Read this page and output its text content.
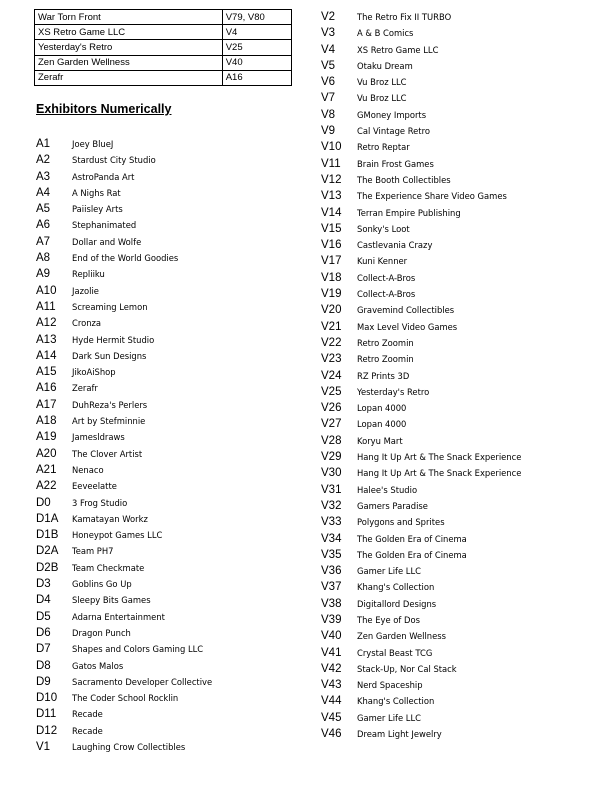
War Torn Front	V79, V80
XS Retro Game LLC	V4
Yesterday's Retro	V25
Zen Garden Wellness	V40
Zerafr	A16
Exhibitors Numerically
A1	Joey BlueJ
A2	Stardust City Studio
A3	AstroPanda Art
A4	A Nighs Rat
A5	Paiisley Arts
A6	Stephanimated
A7	Dollar and Wolfe
A8	End of the World Goodies
A9	Repliiku
A10 Jazolie
A11 Screaming Lemon
A12 Cronza
A13 Hyde Hermit Studio
A14 Dark Sun Designs
A15 JikoAiShop
A16 Zerafr
A17 DuhReza's Perlers
A18 Art by Stefminnie
A19 Jamesldraws
A20 The Clover Artist
A21 Nenaco
A22 Eeveelatte
D0	3 Frog Studio
D1A Kamatayan Workz
D1B Honeypot Games LLC
D2A Team PH7
D2B Team Checkmate
D3	Goblins Go Up
D4	Sleepy Bits Games
D5	Adarna Entertainment
D6	Dragon Punch
D7	Shapes and Colors Gaming LLC
D8	Gatos Malos
D9	Sacramento Developer Collective
D10 The Coder School Rocklin
D11 Recade
D12 Recade
V1	Laughing Crow Collectibles
V2	The Retro Fix II TURBO
V3	A & B Comics
V4	XS Retro Game LLC
V5	Otaku Dream
V6	Vu Broz LLC
V7	Vu Broz LLC
V8	GMoney Imports
V9	Cal Vintage Retro
V10 Retro Reptar
V11 Brain Frost Games
V12 The Booth Collectibles
V13 The Experience Share Video Games
V14 Terran Empire Publishing
V15 Sonky's Loot
V16 Castlevania Crazy
V17 Kuni Kenner
V18 Collect-A-Bros
V19 Collect-A-Bros
V20 Gravemind Collectibles
V21 Max Level Video Games
V22 Retro Zoomin
V23 Retro Zoomin
V24 RZ Prints 3D
V25 Yesterday's Retro
V26 Lopan 4000
V27 Lopan 4000
V28 Koryu Mart
V29 Hang It Up Art & The Snack Experience
V30 Hang It Up Art & The Snack Experience
V31 Halee's Studio
V32 Gamers Paradise
V33 Polygons and Sprites
V34 The Golden Era of Cinema
V35 The Golden Era of Cinema
V36 Gamer Life LLC
V37 Khang's Collection
V38 Digitallord Designs
V39 The Eye of Dos
V40 Zen Garden Wellness
V41 Crystal Beast TCG
V42 Stack-Up, Nor Cal Stack
V43 Nerd Spaceship
V44 Khang's Collection
V45 Gamer Life LLC
V46 Dream Light Jewelry
